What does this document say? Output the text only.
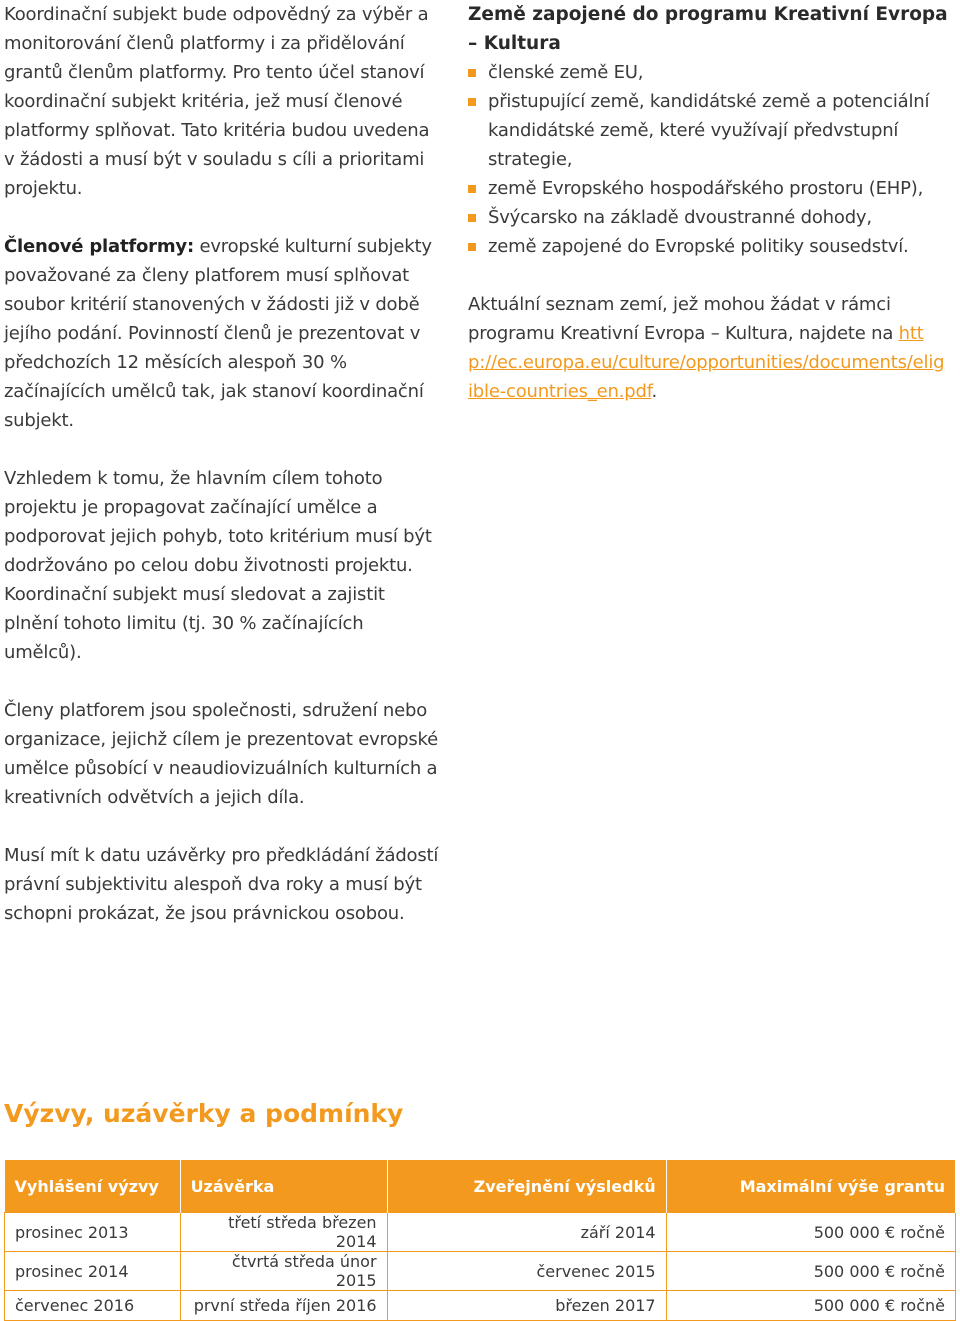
Koordinační subjekt bude odpovědný za výběr a monitorování členů platformy i za přidělování grantů členům platformy. Pro tento účel stanoví koordinační subjekt kritéria, jež musí členové platformy splňovat. Tato kritéria budou uvedena v žádosti a musí být v souladu s cíli a prioritami projektu.

Členové platformy: evropské kulturní subjekty považované za členy platforem musí splňovat soubor kritérií stanovených v žádosti již v době jejího podání. Povinností členů je prezentovat v předchozích 12 měsících alespoň 30 % začínajících umělců tak, jak stanoví koordinační subjekt.

Vzhledem k tomu, že hlavním cílem tohoto projektu je propagovat začínající umělce a podporovat jejich pohyb, toto kritérium musí být dodržováno po celou dobu životnosti projektu. Koordinační subjekt musí sledovat a zajistit plnění tohoto limitu (tj. 30 % začínajících umělců).

Členy platforem jsou společnosti, sdružení nebo organizace, jejichž cílem je prezentovat evropské umělce působící v neaudiovizuálních kulturních a kreativních odvětvích a jejich díla.

Musí mít k datu uzávěrky pro předkládání žádostí právní subjektivitu alespoň dva roky a musí být schopni prokázat, že jsou právnickou osobou.

Země zapojené do programu Kreativní Evropa – Kultura
členské země EU,
přistupující země, kandidátské země a potenciální kandidátské země, které využívají předvstupní strategie,
země Evropského hospodářského prostoru (EHP),
Švýcarsko na základě dvoustranné dohody,
země zapojené do Evropské politiky sousedství.

Aktuální seznam zemí, jež mohou žádat v rámci programu Kreativní Evropa – Kultura, najdete na http://ec.europa.eu/culture/opportunities/documents/eligible-countries_en.pdf.

Výzvy, uzávěrky a podmínky
Vyhlášení výzvy	Uzávěrka	Zveřejnění výsledků	Maximální výše grantu
prosinec 2013	třetí středa březen 2014	září 2014	500 000 € ročně
prosinec 2014	čtvrtá středa únor 2015	červenec 2015	500 000 € ročně
červenec 2016	první středa říjen 2016	březen 2017	500 000 € ročně
